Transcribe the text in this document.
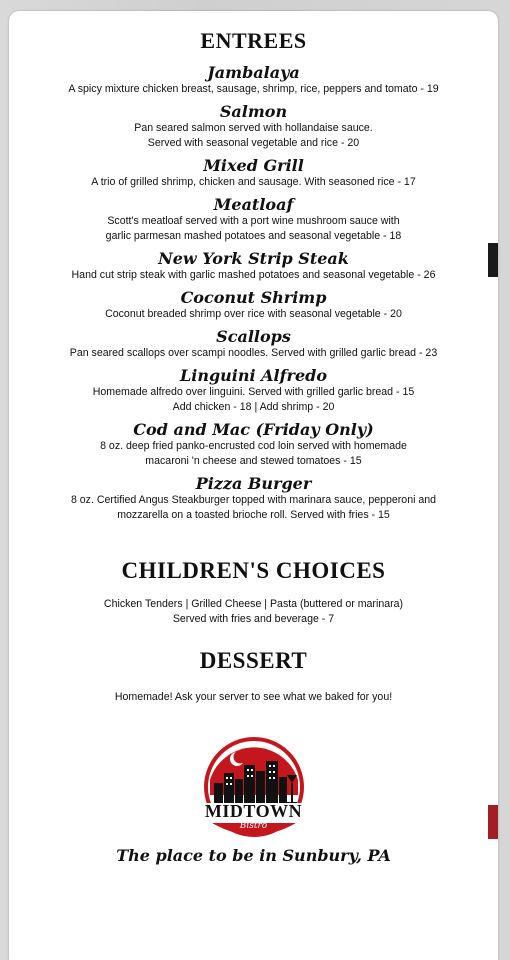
ENTREES

Jambalaya

A spicy mixture chicken breast, sausage, shrimp, rice, peppers and tomato - 19

Salmon

Pan seared salmon served with hollandaise sauce.

Served with seasonal vegetable and rice - 20

Mixed Grill

A trio of grilled shrimp, chicken and sausage. With seasoned rice - 17

Meatloaf

Scott's meatloaf served with a port wine mushroom sauce with

garlic parmesan mashed potatoes and seasonal vegetable - 18

New York Strip Steak

Hand cut strip steak with garlic mashed potatoes and seasonal vegetable - 26

Coconut Shrimp

Coconut breaded shrimp over rice with seasonal vegetable - 20

Scallops

Pan seared scallops over scampi noodles. Served with grilled garlic bread - 23

Linguini Alfredo

Homemade alfredo over linguini. Served with grilled garlic bread - 15

Add chicken - 18 | Add shrimp - 20

Cod and Mac (Friday Only)

8 oz. deep fried panko-encrusted cod loin served with homemade

macaroni 'n cheese and stewed tomatoes - 15

Pizza Burger

8 oz. Certified Angus Steakburger topped with marinara sauce, pepperoni and

mozzarella on a toasted brioche roll. Served with fries - 15

CHILDREN'S CHOICES

Chicken Tenders | Grilled Cheese | Pasta (buttered or marinara)

Served with fries and beverage - 7

DESSERT

Homemade! Ask your server to see what we baked for you!

MIDTOWN
Bistro
The place to be in Sunbury, PA
